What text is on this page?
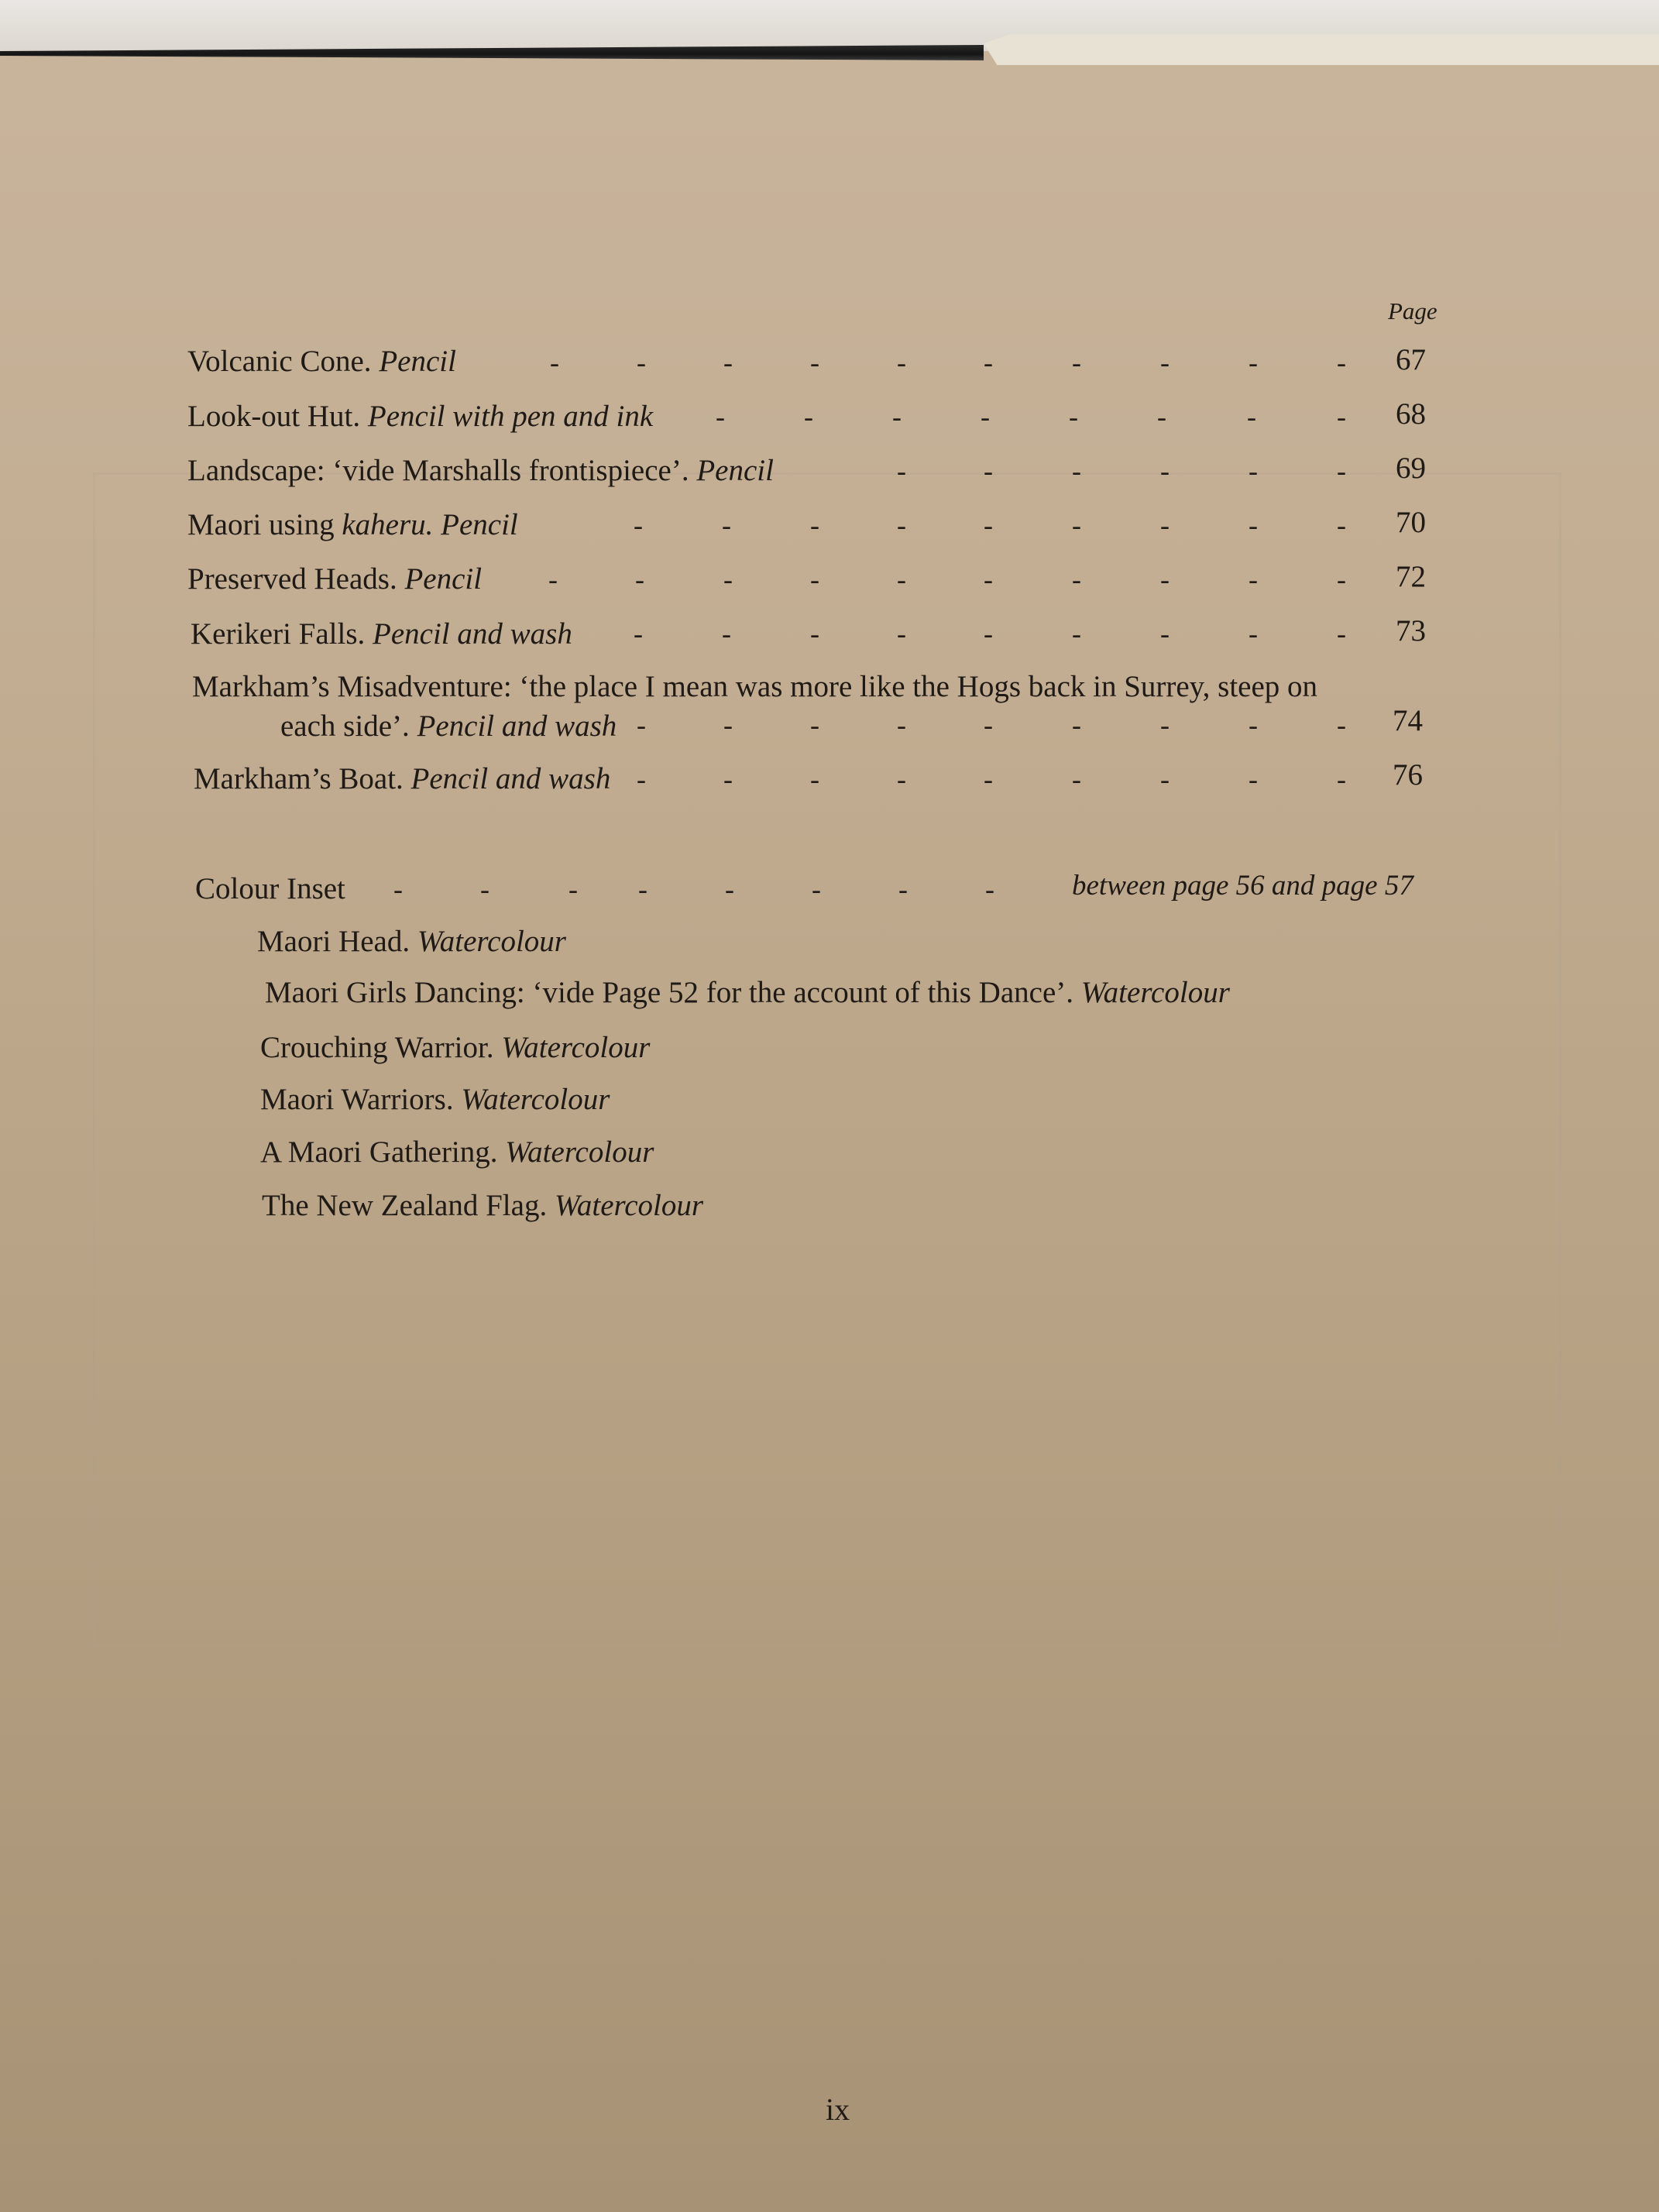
Page
Volcanic Cone. Pencil	67
Look-out Hut. Pencil with pen and ink	68
Landscape: ‘vide Marshalls frontispiece’. Pencil	69
Maori using kaheru. Pencil	70
Preserved Heads. Pencil	72
Kerikeri Falls. Pencil and wash	73
Markham’s Misadventure: ‘the place I mean was more like the Hogs back in Surrey, steep on
each side’. Pencil and wash	74
Markham’s Boat. Pencil and wash	76
Colour Inset	between page 56 and page 57
Maori Head. Watercolour
Maori Girls Dancing: ‘vide Page 52 for the account of this Dance’. Watercolour
Crouching Warrior. Watercolour
Maori Warriors. Watercolour
A Maori Gathering. Watercolour
The New Zealand Flag. Watercolour
ix
-	-	-	-	-	-	-	-	-	-
-	-	-	-	-	-	-	-
-	-	-	-	-	-
-	-	-	-	-	-	-	-	-
-	-	-	-	-	-	-	-	-	-
-	-	-	-	-	-	-	-	-
-	-	-	-	-	-	-	-	-
-	-	-	-	-	-	-	-	-
-	-	- -	-	-	-	-
